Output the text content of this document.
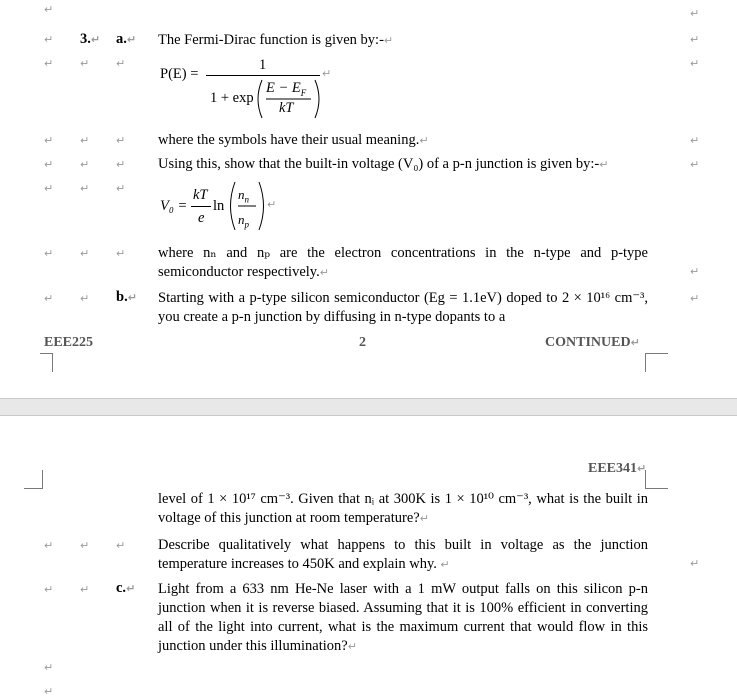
↵	↵
↵ 3.↵ a.↵ The Fermi-Dirac function is given by:-↵	↵
↵ ↵ ↵	↵
P(E) =
1
1 + exp
$E - E_F$
kT
↵
↵ ↵ ↵ where the symbols have their usual meaning.↵	↵
↵ ↵ ↵ Using this, show that the built-in voltage (V₀) of a p-n junction is given by:-↵	↵
↵ ↵ ↵
V₀ =
kT
e
ln
$n_n$
$n_p$
↵
↵ ↵ ↵ where nₙ and nₚ are the electron concentrations in the n-type and p-type semiconductor respectively.↵	↵
↵ ↵ b.↵ Starting with a p-type silicon semiconductor (Eg = 1.1eV) doped to 2 × 10¹⁶ cm⁻³, you create a p-n junction by diffusing in n-type dopants to a
↵
EEE225	2	CONTINUED↵
EEE341↵
level of 1 × 10¹⁷ cm⁻³. Given that nᵢ at 300K is 1 × 10¹⁰ cm⁻³, what is the built in voltage of this junction at room temperature?↵
↵ ↵ ↵ Describe qualitatively what happens to this built in voltage as the junction temperature increases to 450K and explain why. ↵	↵
↵ ↵ c.↵ Light from a 633 nm He-Ne laser with a 1 mW output falls on this silicon p-n junction when it is reverse biased. Assuming that it is 100% efficient in converting all of the light into current, what is the maximum current that would flow in this junction under this illumination?↵
↵
↵
